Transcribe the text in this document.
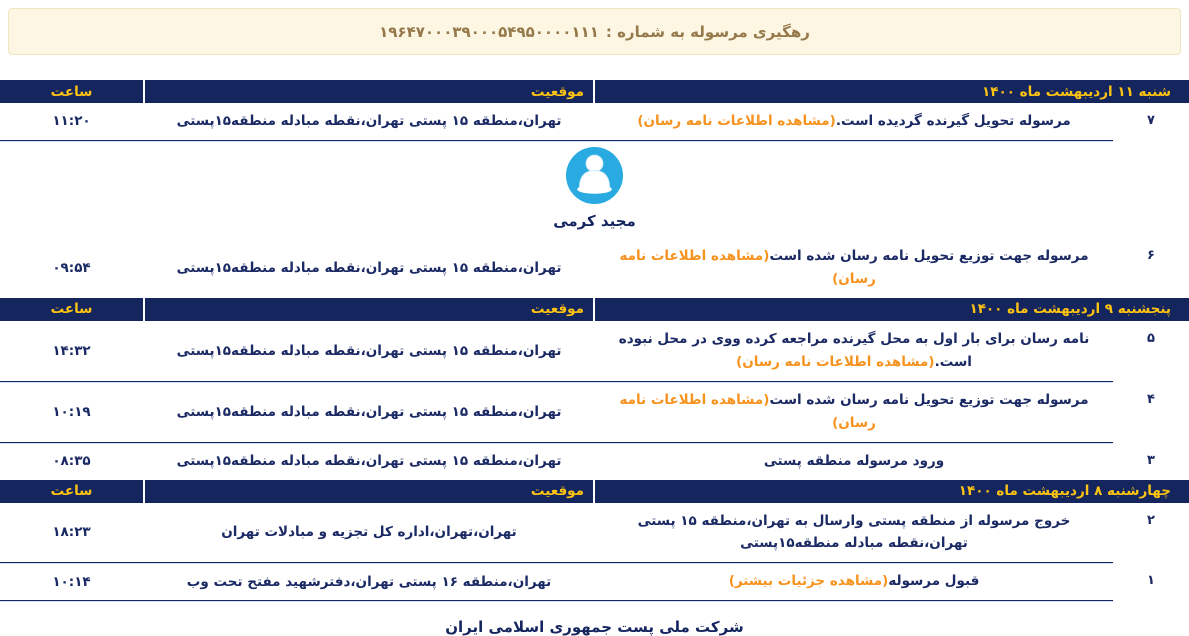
رهگیری مرسوله به شماره :
۱۹۶۴۷۰۰۰۳۹۰۰۰۵۴۹۵۰۰۰۰۱۱۱
شنبه ۱۱ اردیبهشت ماه ۱۴۰۰
موقعیت
ساعت
۷
مرسوله تحویل گیرنده گردیده است.(مشاهده اطلاعات نامه رسان)
تهران،منطقه ۱۵ پستی تهران،نقطه مبادله منطقه۱۵پستی
۱۱:۲۰
مجید کرمی
۶
مرسوله جهت توزیع تحویل نامه رسان شده است(مشاهده اطلاعات نامه رسان)
تهران،منطقه ۱۵ پستی تهران،نقطه مبادله منطقه۱۵پستی
۰۹:۵۴
پنجشنبه ۹ اردیبهشت ماه ۱۴۰۰
موقعیت
ساعت
۵
نامه رسان برای بار اول به محل گیرنده مراجعه کرده ووی در محل نبوده است.(مشاهده اطلاعات نامه رسان)
تهران،منطقه ۱۵ پستی تهران،نقطه مبادله منطقه۱۵پستی
۱۴:۳۲
۴
مرسوله جهت توزیع تحویل نامه رسان شده است(مشاهده اطلاعات نامه رسان)
تهران،منطقه ۱۵ پستی تهران،نقطه مبادله منطقه۱۵پستی
۱۰:۱۹
۳
ورود مرسوله منطقه پستی
تهران،منطقه ۱۵ پستی تهران،نقطه مبادله منطقه۱۵پستی
۰۸:۳۵
چهارشنبه ۸ اردیبهشت ماه ۱۴۰۰
موقعیت
ساعت
۲
خروج مرسوله از منطقه پستی وارسال به تهران،منطقه ۱۵ پستی تهران،نقطه مبادله منطقه۱۵پستی
تهران،تهران،اداره کل تجزیه و مبادلات تهران
۱۸:۲۳
۱
قبول مرسوله(مشاهده جزئیات بیشتر)
تهران،منطقه ۱۶ پستی تهران،دفترشهید مفتح تحت وب
۱۰:۱۴
شرکت ملی پست جمهوری اسلامی ایران
